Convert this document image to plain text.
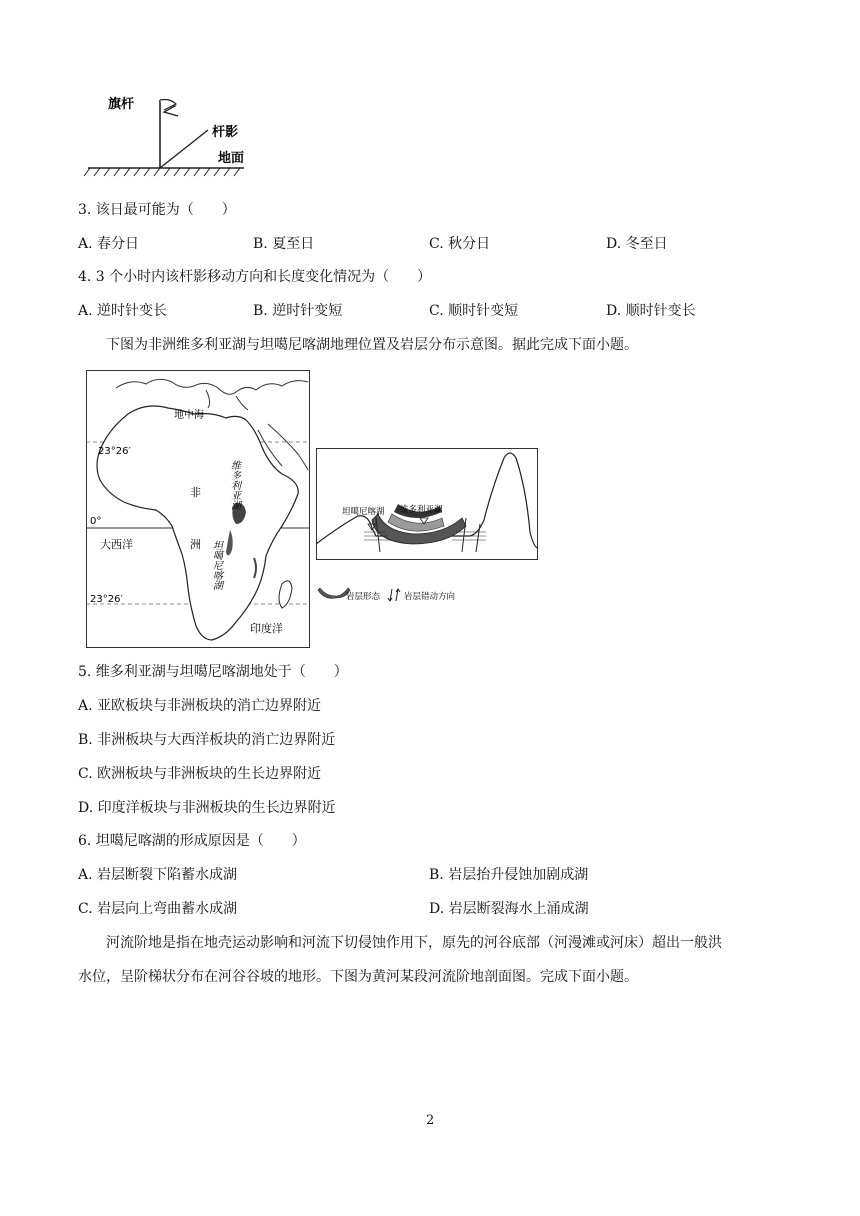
旗杆
杆影
地面
3. 该日最可能为（　　）
A. 春分日	B. 夏至日	C. 秋分日	D. 冬至日
4. 3 个小时内该杆影移动方向和长度变化情况为（　　）
A. 逆时针变长	B. 逆时针变短	C. 顺时针变短	D. 顺时针变长
下图为非洲维多利亚湖与坦噶尼喀湖地理位置及岩层分布示意图。据此完成下面小题。
地中海
23°26′
0°
23°26′
非
洲
大西洋
印度洋
维多利亚湖
坦噶尼喀湖
坦噶尼喀湖 维多利亚湖
岩层形态	岩层错动方向
5. 维多利亚湖与坦噶尼喀湖地处于（　　）
A. 亚欧板块与非洲板块的消亡边界附近
B. 非洲板块与大西洋板块的消亡边界附近
C. 欧洲板块与非洲板块的生长边界附近
D. 印度洋板块与非洲板块的生长边界附近
6. 坦噶尼喀湖的形成原因是（　　）
A. 岩层断裂下陷蓄水成湖	B. 岩层抬升侵蚀加剧成湖
C. 岩层向上弯曲蓄水成湖	D. 岩层断裂海水上涌成湖
河流阶地是指在地壳运动影响和河流下切侵蚀作用下，原先的河谷底部（河漫滩或河床）超出一般洪
水位，呈阶梯状分布在河谷谷坡的地形。下图为黄河某段河流阶地剖面图。完成下面小题。
2
